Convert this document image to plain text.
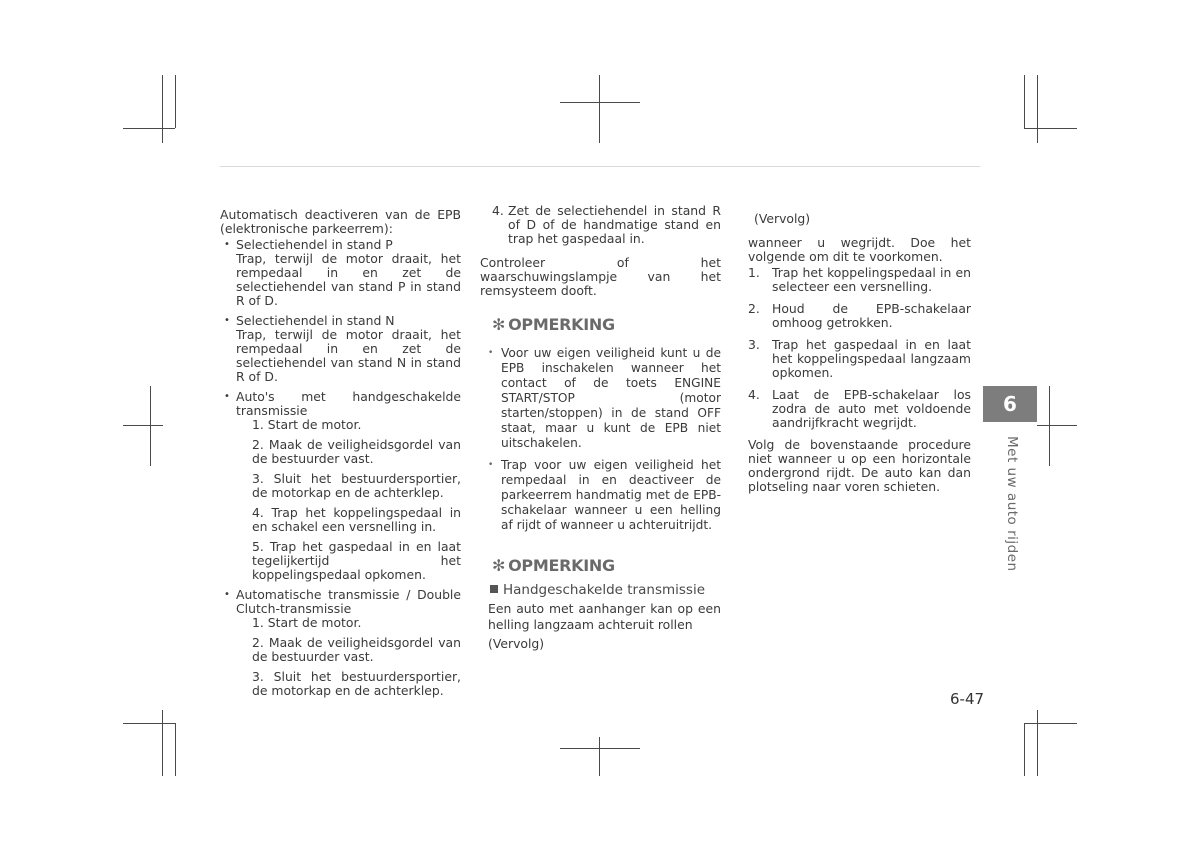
Automatisch deactiveren van de EPB (elektronische parkeerrem):
• Selectiehendel in stand P
Trap, terwijl de motor draait, het rempedaal in en zet de selectiehendel van stand P in stand R of D.
• Selectiehendel in stand N
Trap, terwijl de motor draait, het rempedaal in en zet de selectiehendel van stand N in stand R of D.
• Auto's met handgeschakelde transmissie
1. Start de motor.
2. Maak de veiligheidsgordel van de bestuurder vast.
3. Sluit het bestuurdersportier, de motorkap en de achterklep.
4. Trap het koppelingspedaal in en schakel een versnelling in.
5. Trap het gaspedaal in en laat tegelijkertijd het koppelingspedaal opkomen.
• Automatische transmissie / Double Clutch-transmissie
1. Start de motor.
2. Maak de veiligheidsgordel van de bestuurder vast.
3. Sluit het bestuurdersportier, de motorkap en de achterklep.
4. Zet de selectiehendel in stand R of D of de handmatige stand en trap het gaspedaal in.
Controleer of het waarschuwingslampje van het remsysteem dooft.
✻ OPMERKING
• Voor uw eigen veiligheid kunt u de EPB inschakelen wanneer het contact of de toets ENGINE START/STOP (motor starten/stoppen) in de stand OFF staat, maar u kunt de EPB niet uitschakelen.
• Trap voor uw eigen veiligheid het rempedaal in en deactiveer de parkeerrem handmatig met de EPB-schakelaar wanneer u een helling af rijdt of wanneer u achteruitrijdt.
✻ OPMERKING
Handgeschakelde transmissie
Een auto met aanhanger kan op een helling langzaam achteruit rollen
(Vervolg)
(Vervolg)
wanneer u wegrijdt. Doe het volgende om dit te voorkomen.
1. Trap het koppelingspedaal in en selecteer een versnelling.
2. Houd de EPB-schakelaar omhoog getrokken.
3. Trap het gaspedaal in en laat het koppelingspedaal langzaam opkomen.
4. Laat de EPB-schakelaar los zodra de auto met voldoende aandrijfkracht wegrijdt.
Volg de bovenstaande procedure niet wanneer u op een horizontale ondergrond rijdt. De auto kan dan plotseling naar voren schieten.
6
Met uw auto rijden
6-47
